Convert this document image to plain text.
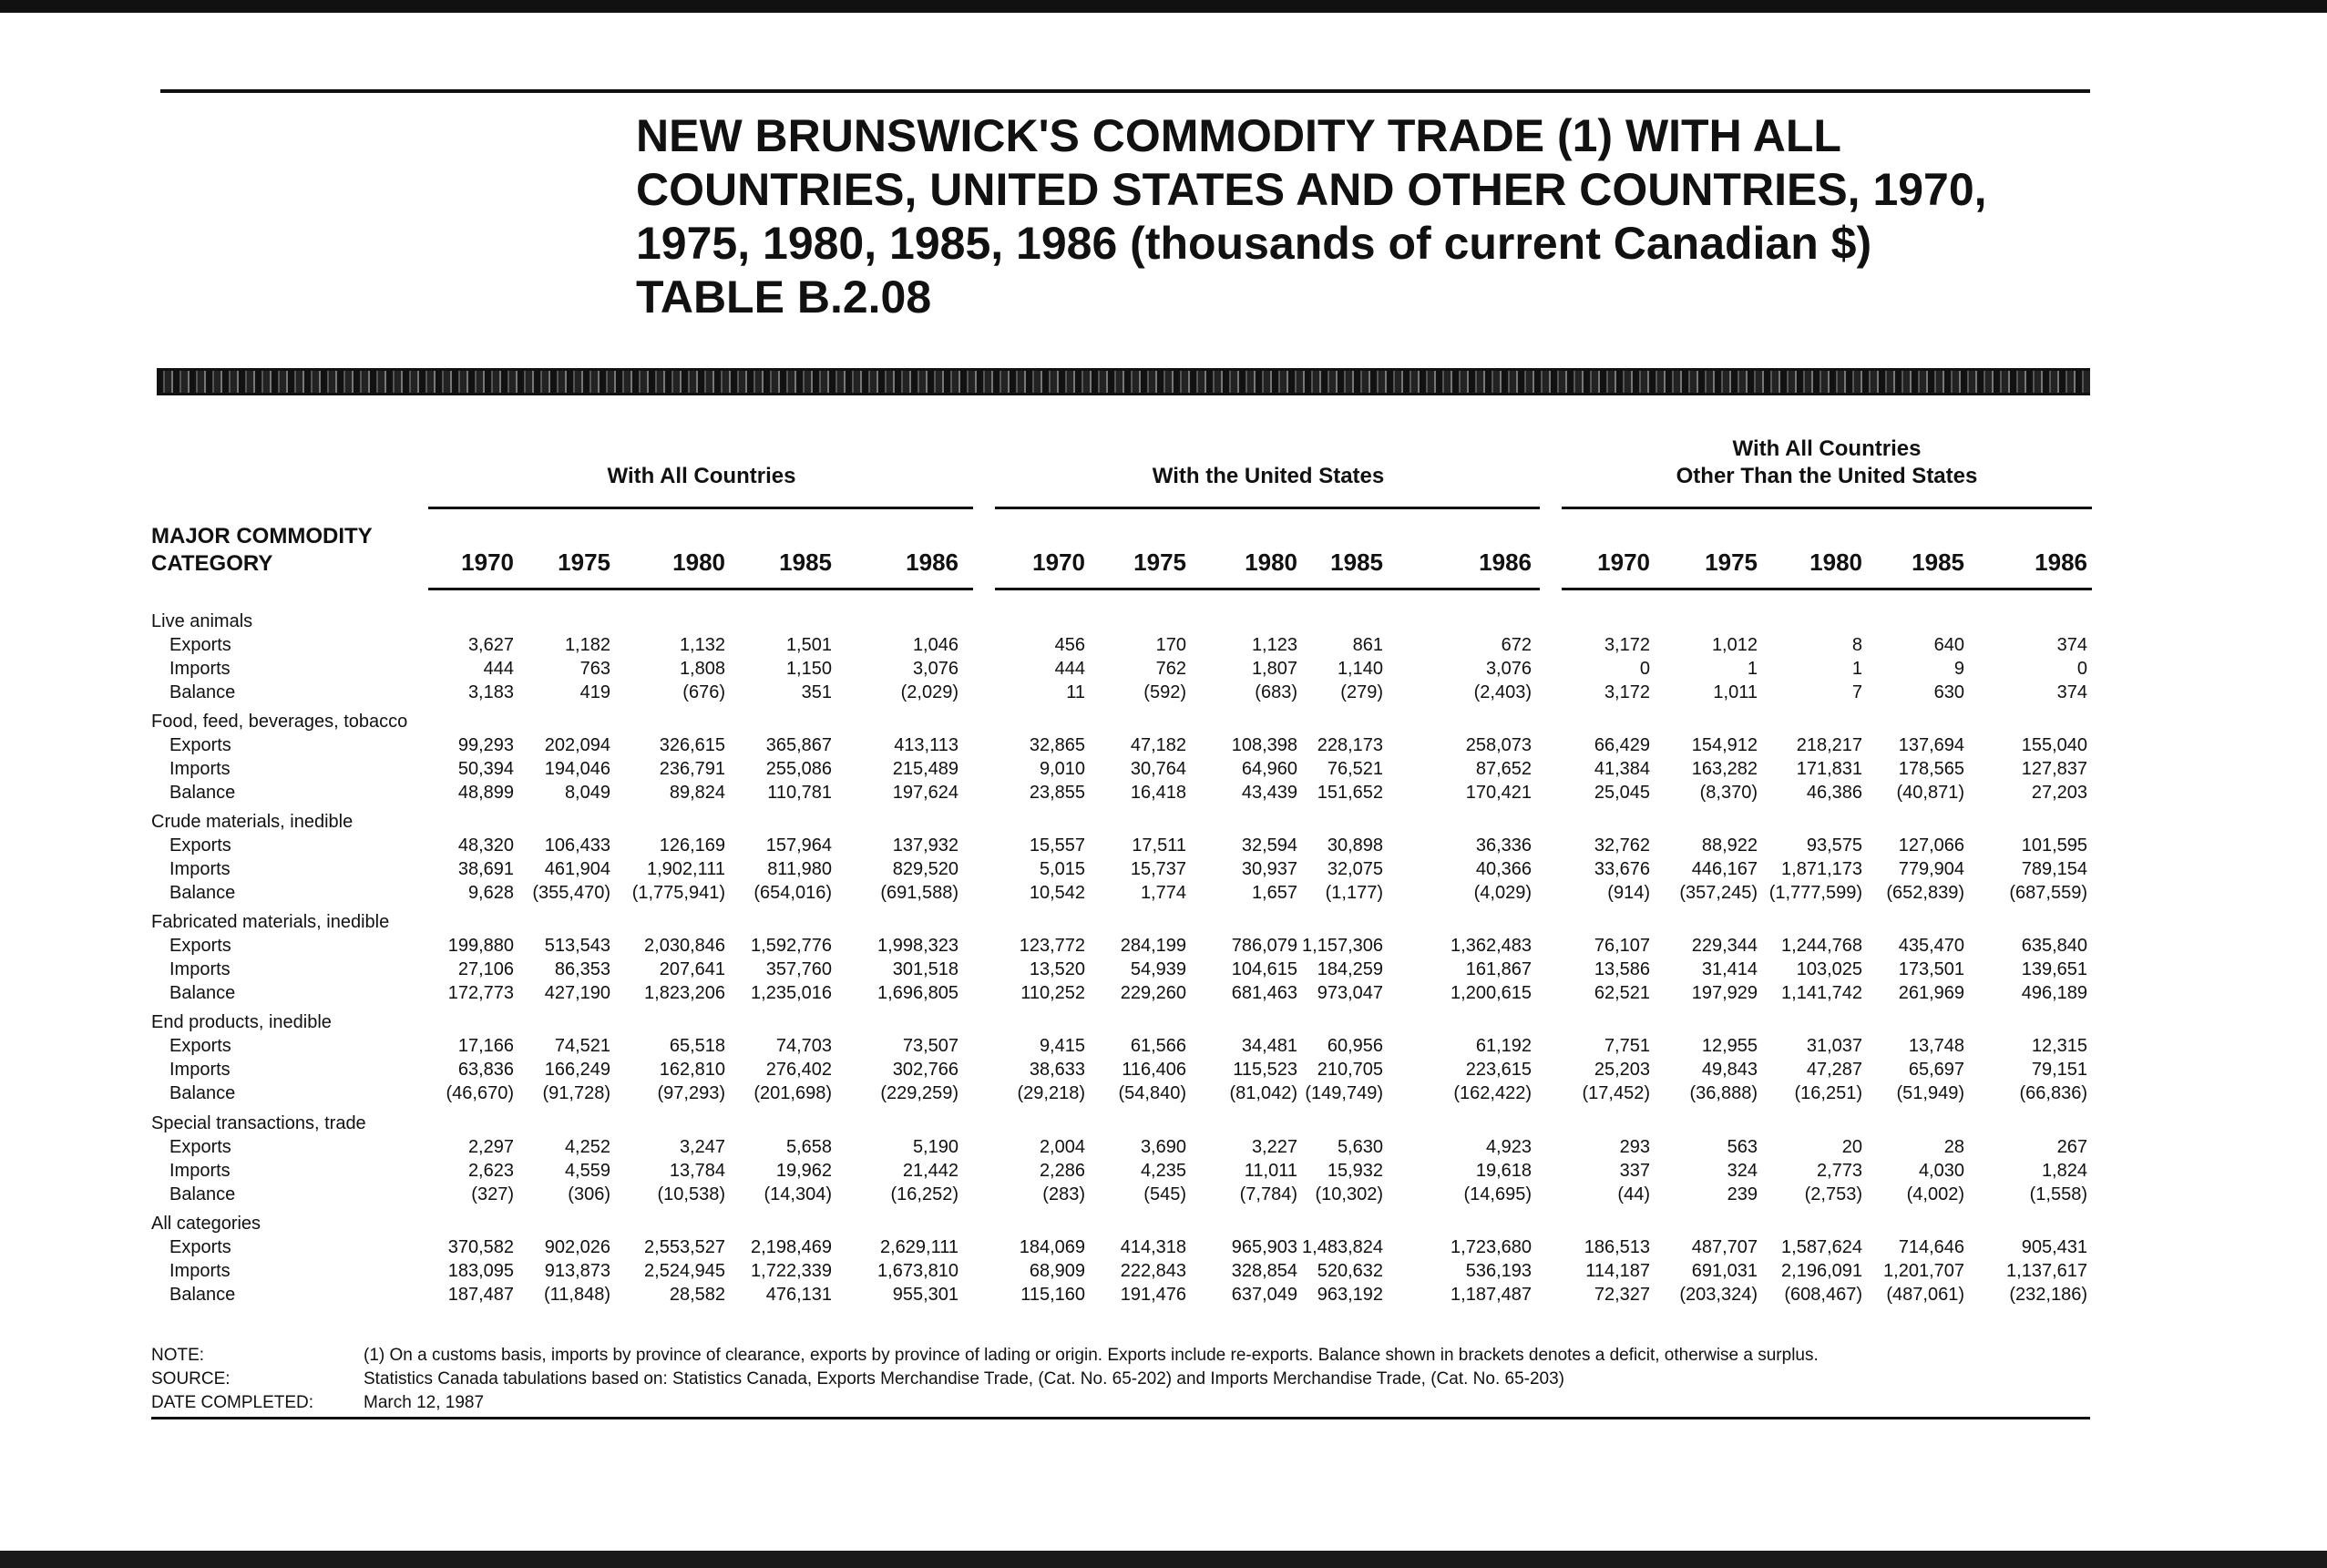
NEW BRUNSWICK'S COMMODITY TRADE (1) WITH ALL
COUNTRIES, UNITED STATES AND OTHER COUNTRIES, 1970,
1975, 1980, 1985, 1986 (thousands of current Canadian $)
TABLE B.2.08
With All Countries	With the United States
With All Countries
Other Than the United States
MAJOR COMMODITY
CATEGORY	1970	1975	1980	1985	1986	1970	1975	1980	1985	1986	1970	1975	1980	1985	1986
Live animals
Exports	3,627	1,182	1,132	1,501	1,046	456	170	1,123	861	672	3,172	1,012	8	640	374
Imports	444	763	1,808	1,150	3,076	444	762	1,807	1,140	3,076	0	1	1	9	0
Balance	3,183	419	(676)	351	(2,029)	11	(592)	(683)	(279)	(2,403)	3,172	1,011	7	630	374
Food, feed, beverages, tobacco
Exports	99,293	202,094	326,615	365,867	413,113	32,865	47,182	108,398	228,173	258,073	66,429	154,912	218,217	137,694	155,040
Imports	50,394	194,046	236,791	255,086	215,489	9,010	30,764	64,960	76,521	87,652	41,384	163,282	171,831	178,565	127,837
Balance	48,899	8,049	89,824	110,781	197,624	23,855	16,418	43,439	151,652	170,421	25,045	(8,370)	46,386	(40,871)	27,203
Crude materials, inedible
Exports	48,320	106,433	126,169	157,964	137,932	15,557	17,511	32,594	30,898	36,336	32,762	88,922	93,575	127,066	101,595
Imports	38,691	461,904	1,902,111	811,980	829,520	5,015	15,737	30,937	32,075	40,366	33,676	446,167	1,871,173	779,904	789,154
Balance	9,628	(355,470)	(1,775,941)	(654,016)	(691,588)	10,542	1,774	1,657	(1,177)	(4,029)	(914)	(357,245) (1,777,599)	(652,839)	(687,559)
Fabricated materials, inedible
Exports	199,880	513,543	2,030,846	1,592,776	1,998,323	123,772	284,199	786,079 1,157,306	1,362,483	76,107	229,344	1,244,768	435,470	635,840
Imports	27,106	86,353	207,641	357,760	301,518	13,520	54,939	104,615	184,259	161,867	13,586	31,414	103,025	173,501	139,651
Balance	172,773	427,190	1,823,206	1,235,016	1,696,805	110,252	229,260	681,463	973,047	1,200,615	62,521	197,929	1,141,742	261,969	496,189
End products, inedible
Exports	17,166	74,521	65,518	74,703	73,507	9,415	61,566	34,481	60,956	61,192	7,751	12,955	31,037	13,748	12,315
Imports	63,836	166,249	162,810	276,402	302,766	38,633	116,406	115,523	210,705	223,615	25,203	49,843	47,287	65,697	79,151
Balance	(46,670)	(91,728)	(97,293)	(201,698)	(229,259)	(29,218)	(54,840)	(81,042) (149,749)	(162,422)	(17,452)	(36,888)	(16,251)	(51,949)	(66,836)
Special transactions, trade
Exports	2,297	4,252	3,247	5,658	5,190	2,004	3,690	3,227	5,630	4,923	293	563	20	28	267
Imports	2,623	4,559	13,784	19,962	21,442	2,286	4,235	11,011	15,932	19,618	337	324	2,773	4,030	1,824
Balance	(327)	(306)	(10,538)	(14,304)	(16,252)	(283)	(545)	(7,784) (10,302)	(14,695)	(44)	239	(2,753)	(4,002)	(1,558)
All categories
Exports	370,582	902,026	2,553,527	2,198,469	2,629,111	184,069	414,318	965,903 1,483,824	1,723,680	186,513	487,707	1,587,624	714,646	905,431
Imports	183,095	913,873	2,524,945	1,722,339	1,673,810	68,909	222,843	328,854	520,632	536,193	114,187	691,031	2,196,091	1,201,707	1,137,617
Balance	187,487	(11,848)	28,582	476,131	955,301	115,160	191,476	637,049	963,192	1,187,487	72,327	(203,324)	(608,467)	(487,061)	(232,186)
NOTE:	(1) On a customs basis, imports by province of clearance, exports by province of lading or origin. Exports include re-exports. Balance shown in brackets denotes a deficit, otherwise a surplus.
SOURCE:	Statistics Canada tabulations based on: Statistics Canada, Exports Merchandise Trade, (Cat. No. 65-202) and Imports Merchandise Trade, (Cat. No. 65-203)
DATE COMPLETED:	March 12, 1987
